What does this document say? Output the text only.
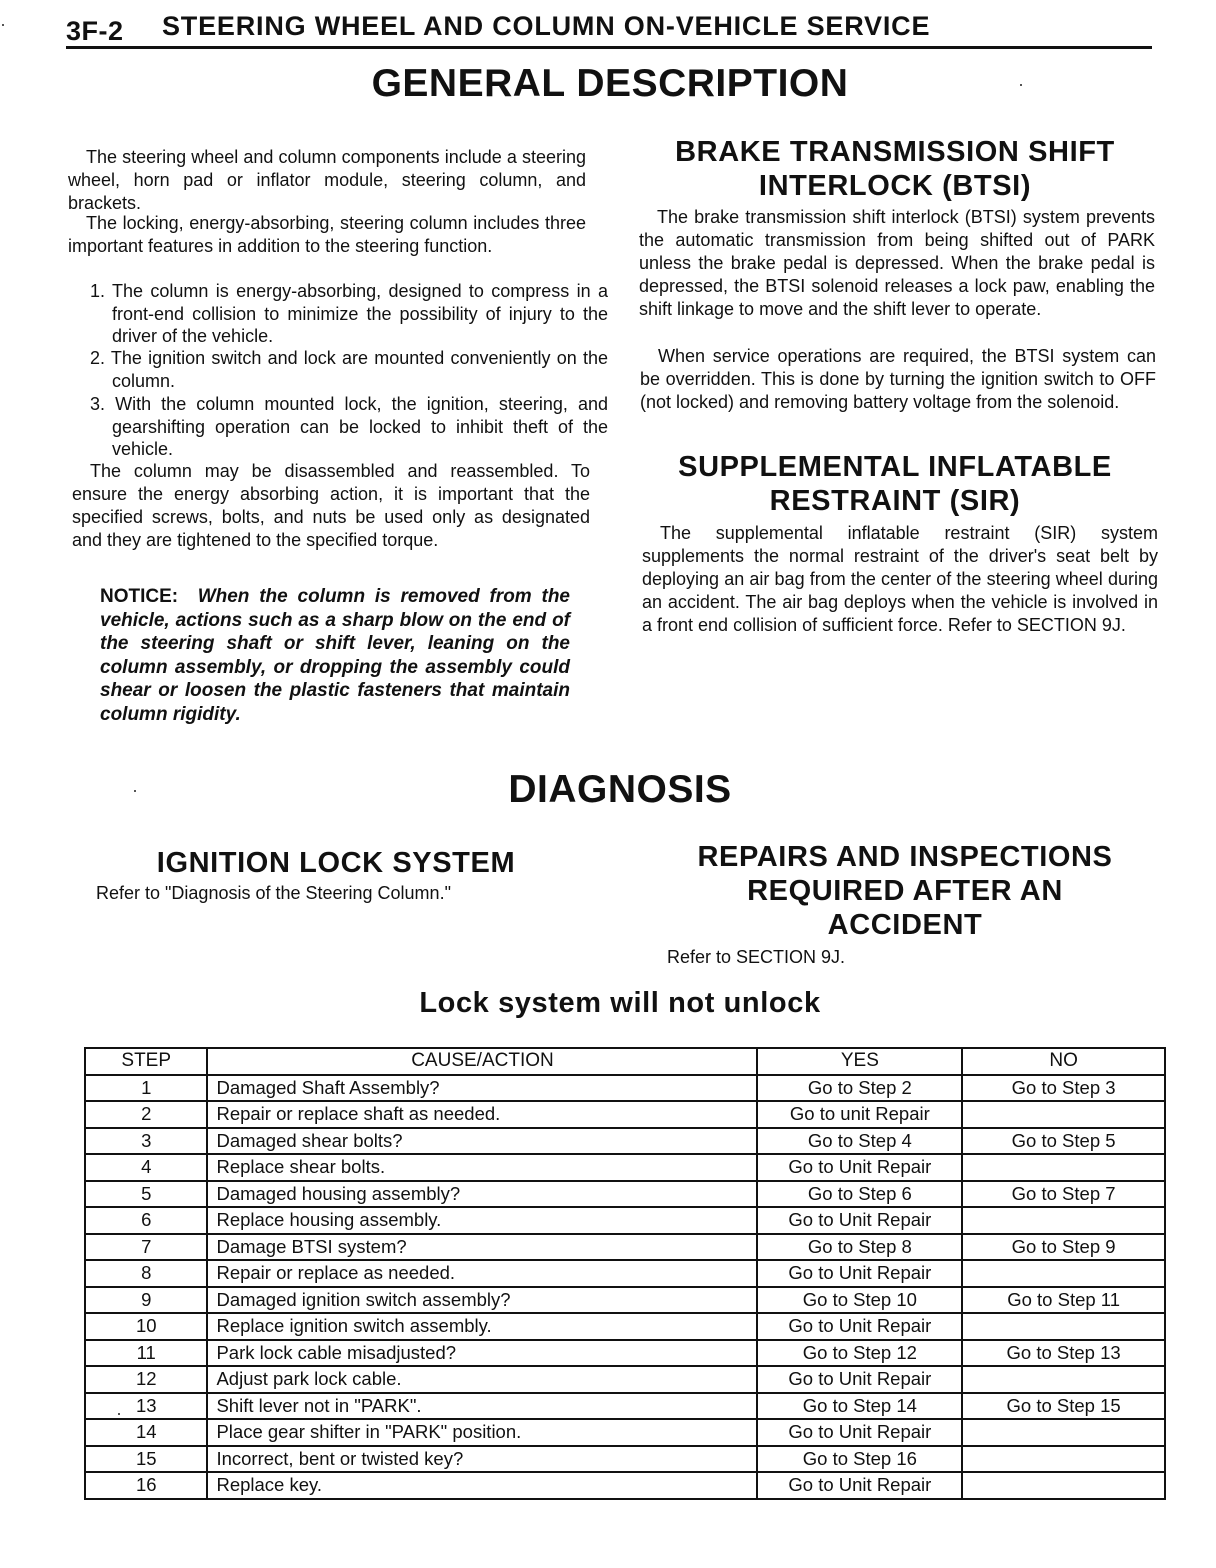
3F-2 STEERING WHEEL AND COLUMN ON-VEHICLE SERVICE
GENERAL DESCRIPTION
The steering wheel and column components include a steering wheel, horn pad or inflator module, steering column, and brackets.
The locking, energy-absorbing, steering column includes three important features in addition to the steering function.
1. The column is energy-absorbing, designed to compress in a front-end collision to minimize the possibility of injury to the driver of the vehicle.
2. The ignition switch and lock are mounted conveniently on the column.
3. With the column mounted lock, the ignition, steering, and gearshifting operation can be locked to inhibit theft of the vehicle.
The column may be disassembled and reassembled. To ensure the energy absorbing action, it is important that the specified screws, bolts, and nuts be used only as designated and they are tightened to the specified torque.
NOTICE: When the column is removed from the vehicle, actions such as a sharp blow on the end of the steering shaft or shift lever, leaning on the column assembly, or dropping the assembly could shear or loosen the plastic fasteners that maintain column rigidity.
BRAKE TRANSMISSION SHIFT
INTERLOCK (BTSI)
The brake transmission shift interlock (BTSI) system prevents the automatic transmission from being shifted out of PARK unless the brake pedal is depressed. When the brake pedal is depressed, the BTSI solenoid releases a lock paw, enabling the shift linkage to move and the shift lever to operate.
When service operations are required, the BTSI system can be overridden. This is done by turning the ignition switch to OFF (not locked) and removing battery voltage from the solenoid.
SUPPLEMENTAL INFLATABLE
RESTRAINT (SIR)
The supplemental inflatable restraint (SIR) system supplements the normal restraint of the driver's seat belt by deploying an air bag from the center of the steering wheel during an accident. The air bag deploys when the vehicle is involved in a front end collision of sufficient force. Refer to SECTION 9J.
DIAGNOSIS
IGNITION LOCK SYSTEM
Refer to "Diagnosis of the Steering Column."
REPAIRS AND INSPECTIONS
REQUIRED AFTER AN
ACCIDENT
Refer to SECTION 9J.
Lock system will not unlock
STEP	CAUSE/ACTION	YES	NO
1	Damaged Shaft Assembly?	Go to Step 2	Go to Step 3
2	Repair or replace shaft as needed.	Go to unit Repair	
3	Damaged shear bolts?	Go to Step 4	Go to Step 5
4	Replace shear bolts.	Go to Unit Repair	
5	Damaged housing assembly?	Go to Step 6	Go to Step 7
6	Replace housing assembly.	Go to Unit Repair	
7	Damage BTSI system?	Go to Step 8	Go to Step 9
8	Repair or replace as needed.	Go to Unit Repair	
9	Damaged ignition switch assembly?	Go to Step 10	Go to Step 11
10	Replace ignition switch assembly.	Go to Unit Repair	
11	Park lock cable misadjusted?	Go to Step 12	Go to Step 13
12	Adjust park lock cable.	Go to Unit Repair	
13	Shift lever not in "PARK".	Go to Step 14	Go to Step 15
14	Place gear shifter in "PARK" position.	Go to Unit Repair	
15	Incorrect, bent or twisted key?	Go to Step 16	
16	Replace key.	Go to Unit Repair	
